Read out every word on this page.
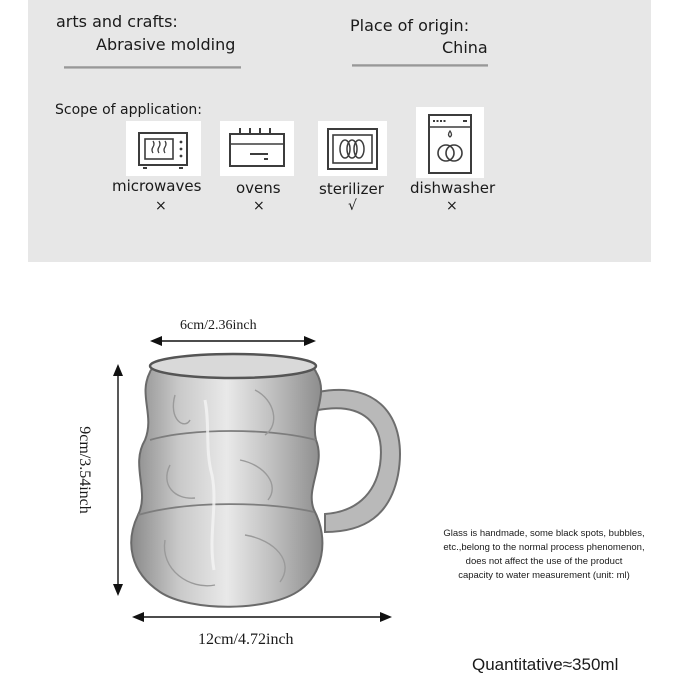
arts and crafts:
Abrasive molding
Place of origin:
China
Scope of application:
microwaves
×
ovens
×
sterilizer
√
dishwasher
×
6cm/2.36inch
9cm/3.54inch
12cm/4.72inch
Glass is handmade, some black spots, bubbles,
etc.,belong to the normal process phenomenon,
does not affect the use of the product
capacity to water measurement (unit: ml)
Quantitative≈350ml
